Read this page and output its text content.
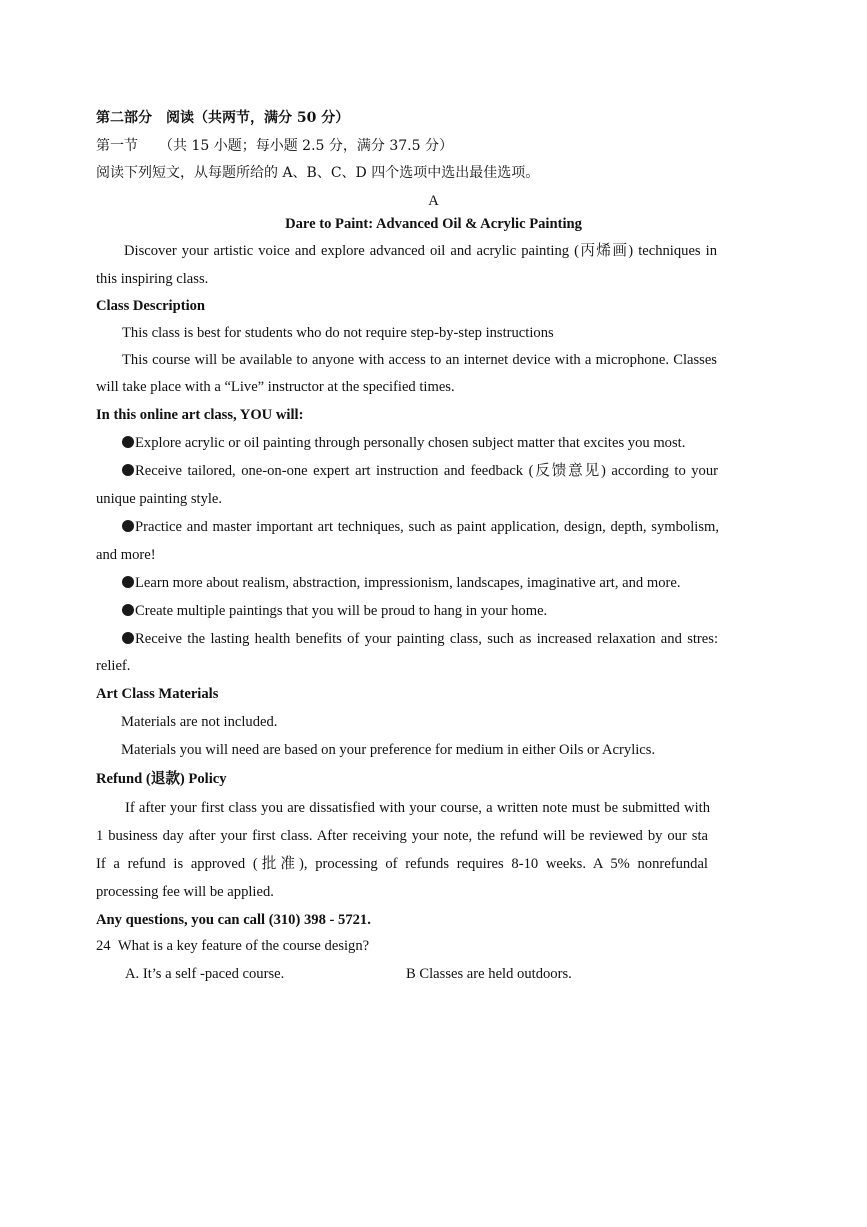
第二部分　阅读（共两节，满分 50 分）
第一节　　（共 15 小题；每小题 2.5 分，满分 37.5 分）
阅读下列短文，从每题所给的 A、B、C、D 四个选项中选出最佳选项。
A
Dare to Paint: Advanced Oil & Acrylic Painting
Discover your artistic voice and explore advanced oil and acrylic painting (丙烯画) techniques in
this inspiring class.
Class Description
This class is best for students who do not require step-by-step instructions
This course will be available to anyone with access to an internet device with a microphone. Classes
will take place with a “Live” instructor at the specified times.
In this online art class, YOU will:
Explore acrylic or oil painting through personally chosen subject matter that excites you most.
Receive tailored, one-on-one expert art instruction and feedback (反馈意见) according to your
unique painting style.
Practice and master important art techniques, such as paint application, design, depth, symbolism,
and more!
Learn more about realism, abstraction, impressionism, landscapes, imaginative art, and more.
Create multiple paintings that you will be proud to hang in your home.
Receive the lasting health benefits of your painting class, such as increased relaxation and stres:
relief.
Art Class Materials
Materials are not included.
Materials you will need are based on your preference for medium in either Oils or Acrylics.
Refund (退款) Policy
If after your first class you are dissatisfied with your course, a written note must be submitted with
1 business day after your first class. After receiving your note, the refund will be reviewed by our sta
If a refund is approved (批准), processing of refunds requires 8-10 weeks. A 5% nonrefundal
processing fee will be applied.
Any questions, you can call (310) 398 - 5721.
24 What is a key feature of the course design?
A. It’s a self -paced course.	B Classes are held outdoors.
